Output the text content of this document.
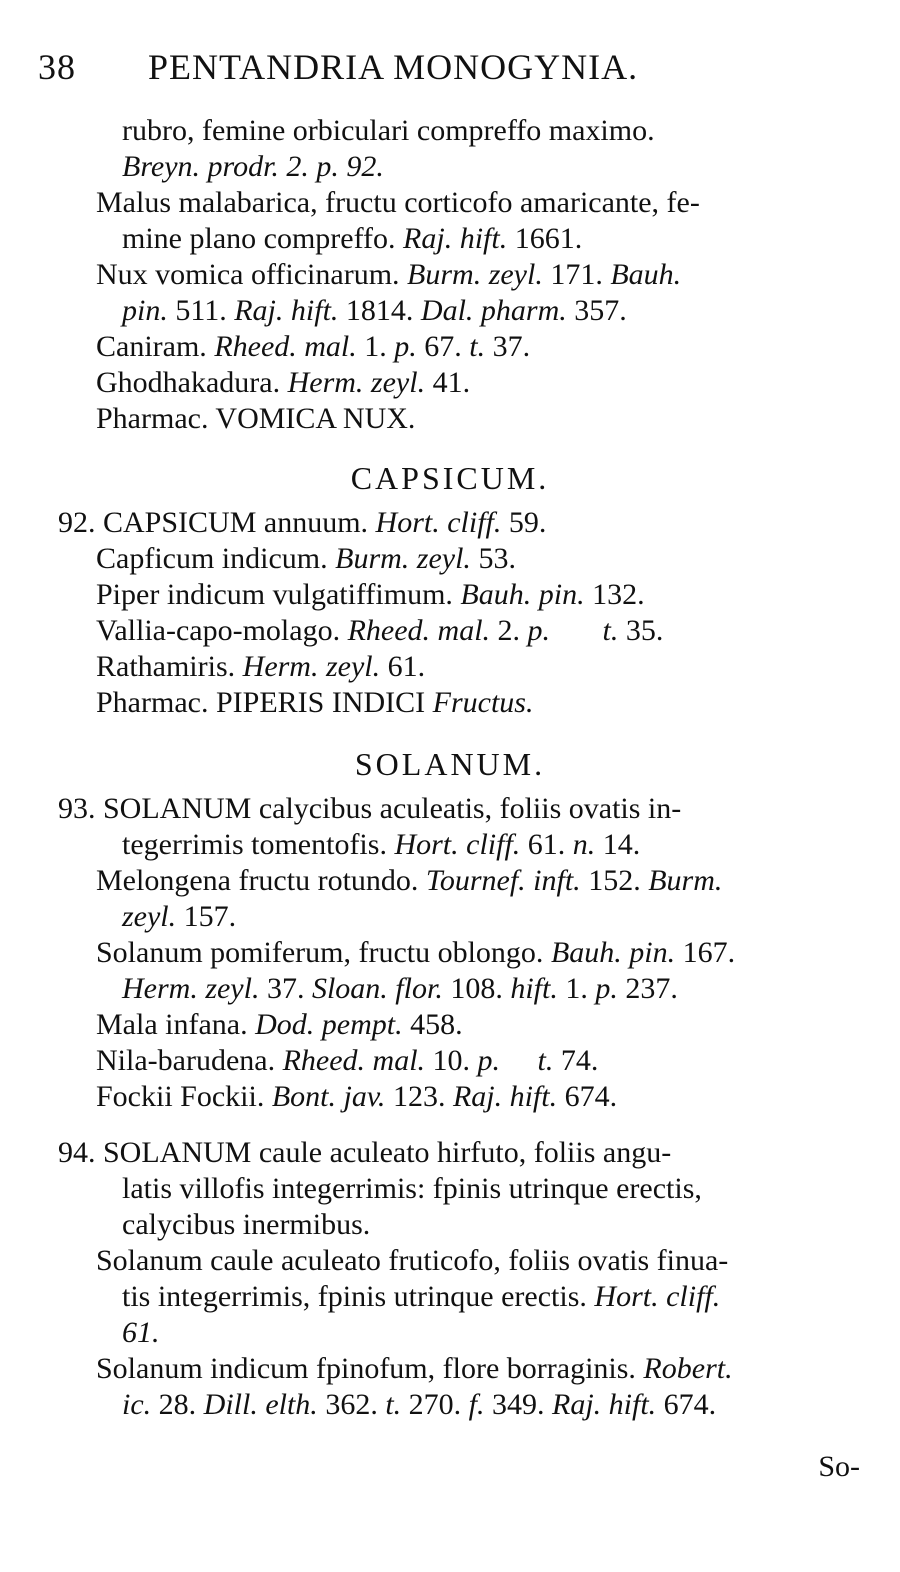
38 PENTANDRIA MONOGYNIA.
rubro, femine orbiculari compreffo maximo.
Breyn. prodr. 2. p. 92.
Malus malabarica, fructu corticofo amaricante, fe-
mine plano compreffo. Raj. hift. 1661.
Nux vomica officinarum. Burm. zeyl. 171. Bauh.
pin. 511. Raj. hift. 1814. Dal. pharm. 357.
Caniram. Rheed. mal. 1. p. 67. t. 37.
Ghodhakadura. Herm. zeyl. 41.
Pharmac. VOMICA NUX.
CAPSICUM.
92. CAPSICUM annuum. Hort. cliff. 59.
Capficum indicum. Burm. zeyl. 53.
Piper indicum vulgatiffimum. Bauh. pin. 132.
Vallia-capo-molago. Rheed. mal. 2. p. t. 35.
Rathamiris. Herm. zeyl. 61.
Pharmac. PIPERIS INDICI Fructus.
SOLANUM.
93. SOLANUM calycibus aculeatis, foliis ovatis in-
tegerrimis tomentofis. Hort. cliff. 61. n. 14.
Melongena fructu rotundo. Tournef. inft. 152. Burm.
zeyl. 157.
Solanum pomiferum, fructu oblongo. Bauh. pin. 167.
Herm. zeyl. 37. Sloan. flor. 108. hift. 1. p. 237.
Mala infana. Dod. pempt. 458.
Nila-barudena. Rheed. mal. 10. p. t. 74.
Fockii Fockii. Bont. jav. 123. Raj. hift. 674.
94. SOLANUM caule aculeato hirfuto, foliis angu-
latis villofis integerrimis: fpinis utrinque erectis,
calycibus inermibus.
Solanum caule aculeato fruticofo, foliis ovatis finua-
tis integerrimis, fpinis utrinque erectis. Hort. cliff.
61.
Solanum indicum fpinofum, flore borraginis. Robert.
ic. 28. Dill. elth. 362. t. 270. f. 349. Raj. hift. 674.
So-
